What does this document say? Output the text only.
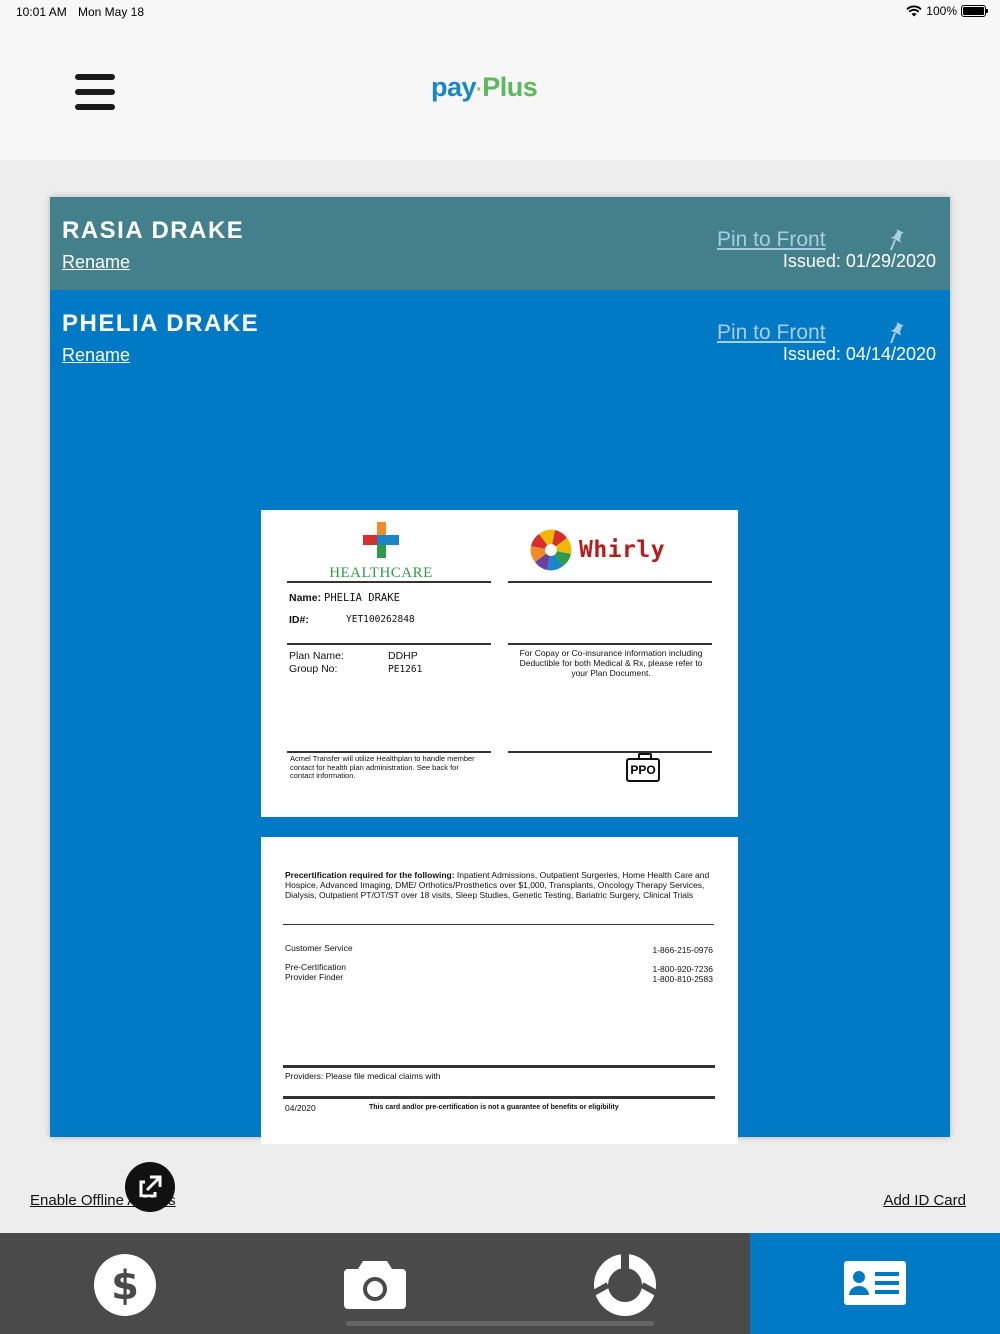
10:01 AM Mon May 18	100%
pay·Plus
RASIA DRAKE
Rename
Pin to Front
Issued: 01/29/2020
PHELIA DRAKE
Rename
Pin to Front
Issued: 04/14/2020
HEALTHCARE
Whirly
Name: PHELIA DRAKE
ID#:	YET100262848
Plan Name:	DDHP
Group No:	PE1261
For Copay or Co-insurance information including Deductible for both Medical & Rx, please refer to your Plan Document.
Acmel Transfer will utilize Healthplan to handle member contact for health plan administration. See back for contact information.	PPO
Precertification required for the following: Inpatient Admissions, Outpatient Surgeries, Home Health Care and Hospice, Advanced Imaging, DME/ Orthotics/Prosthetics over $1,000, Transplants, Oncology Therapy Services, Dialysis, Outpatient PT/OT/ST over 18 visits, Sleep Studies, Genetic Testing, Bariatric Surgery, Clinical Trials
Customer Service	1-866-215-0976
Pre-Certification	1-800-920-7236
Provider Finder	1-800-810-2583
Providers: Please file medical claims with
04/2020	This card and/or pre-certification is not a guarantee of benefits or eligibility
Enable Offline Access	Add ID Card
$
